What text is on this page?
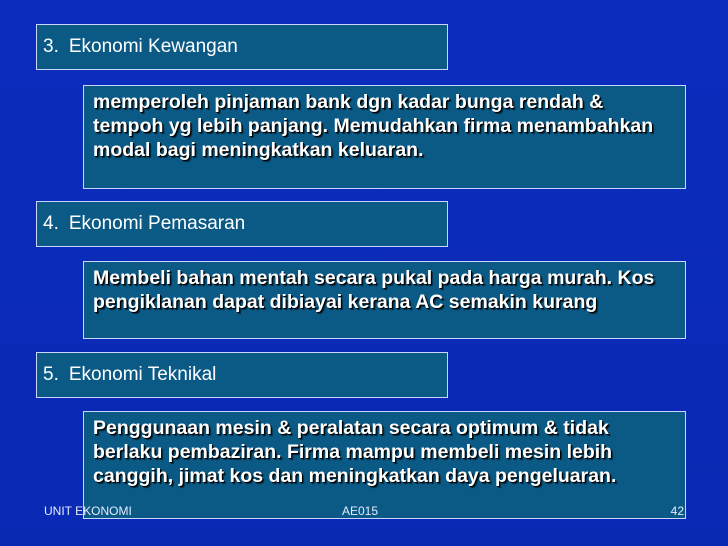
3. Ekonomi Kewangan
memperoleh pinjaman bank dgn kadar bunga rendah & tempoh yg lebih panjang. Memudahkan firma menambahkan modal bagi meningkatkan keluaran.
4. Ekonomi Pemasaran
Membeli bahan mentah secara pukal pada harga murah. Kos pengiklanan dapat dibiayai kerana AC semakin kurang
5. Ekonomi Teknikal
Penggunaan mesin & peralatan secara optimum & tidak berlaku pembaziran. Firma mampu membeli mesin lebih canggih, jimat kos dan meningkatkan daya pengeluaran.
UNIT EKONOMI	AE015	42
